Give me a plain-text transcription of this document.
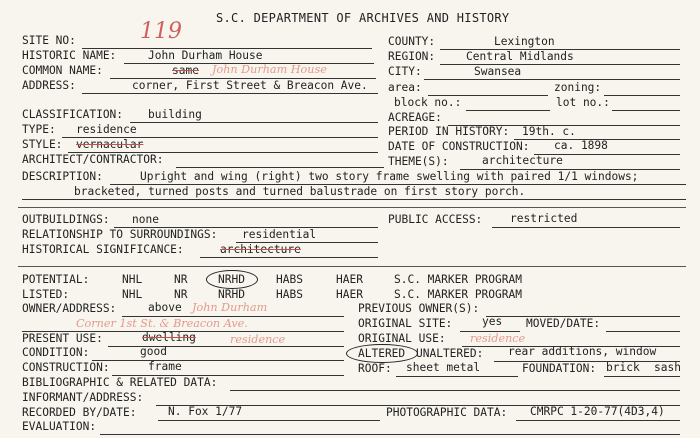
S.C. DEPARTMENT OF ARCHIVES AND HISTORY
SITE NO:	119
HISTORIC NAME:	John Durham House
COMMON NAME:	same John Durham House
ADDRESS:	corner, First Street & Breacon Ave.
CLASSIFICATION: building
TYPE: residence
STYLE: vernacular
ARCHITECT/CONTRACTOR:
COUNTY:	Lexington
REGION:	Central Midlands
CITY:	Swansea
area:	zoning:
block no.:	lot no.:
ACREAGE:
PERIOD IN HISTORY: 19th. c.
DATE OF CONSTRUCTION: ca. 1898
THEME(S):	architecture
DESCRIPTION:	Upright and wing (right) two story frame swelling with paired 1/1 windows;
bracketed, turned posts and turned balustrade on first story porch.
OUTBUILDINGS: none	PUBLIC ACCESS: restricted
RELATIONSHIP TO SURROUNDINGS: residential
HISTORICAL SIGNIFICANCE:	architecture
POTENTIAL:	NHL	NR	NRHD	HABS	HAER	S.C. MARKER PROGRAM
LISTED:	NHL	NR	NRHD	HABS	HAER	S.C. MARKER PROGRAM
OWNER/ADDRESS:	above John Durham
Corner 1st St. & Breacon Ave.
PRESENT USE:	dwelling	residence
CONDITION:	good
CONSTRUCTION:	frame
PREVIOUS OWNER(S):
ORIGINAL SITE:	yes MOVED/DATE:
ORIGINAL USE: residence
ALTERED UNALTERED: rear additions, window
ROOF: sheet metal	FOUNDATION: brick sash
BIBLIOGRAPHIC & RELATED DATA:
INFORMANT/ADDRESS:
RECORDED BY/DATE:	N. Fox 1/77	PHOTOGRAPHIC DATA: CMRPC 1-20-77(4D3,4)
EVALUATION:
